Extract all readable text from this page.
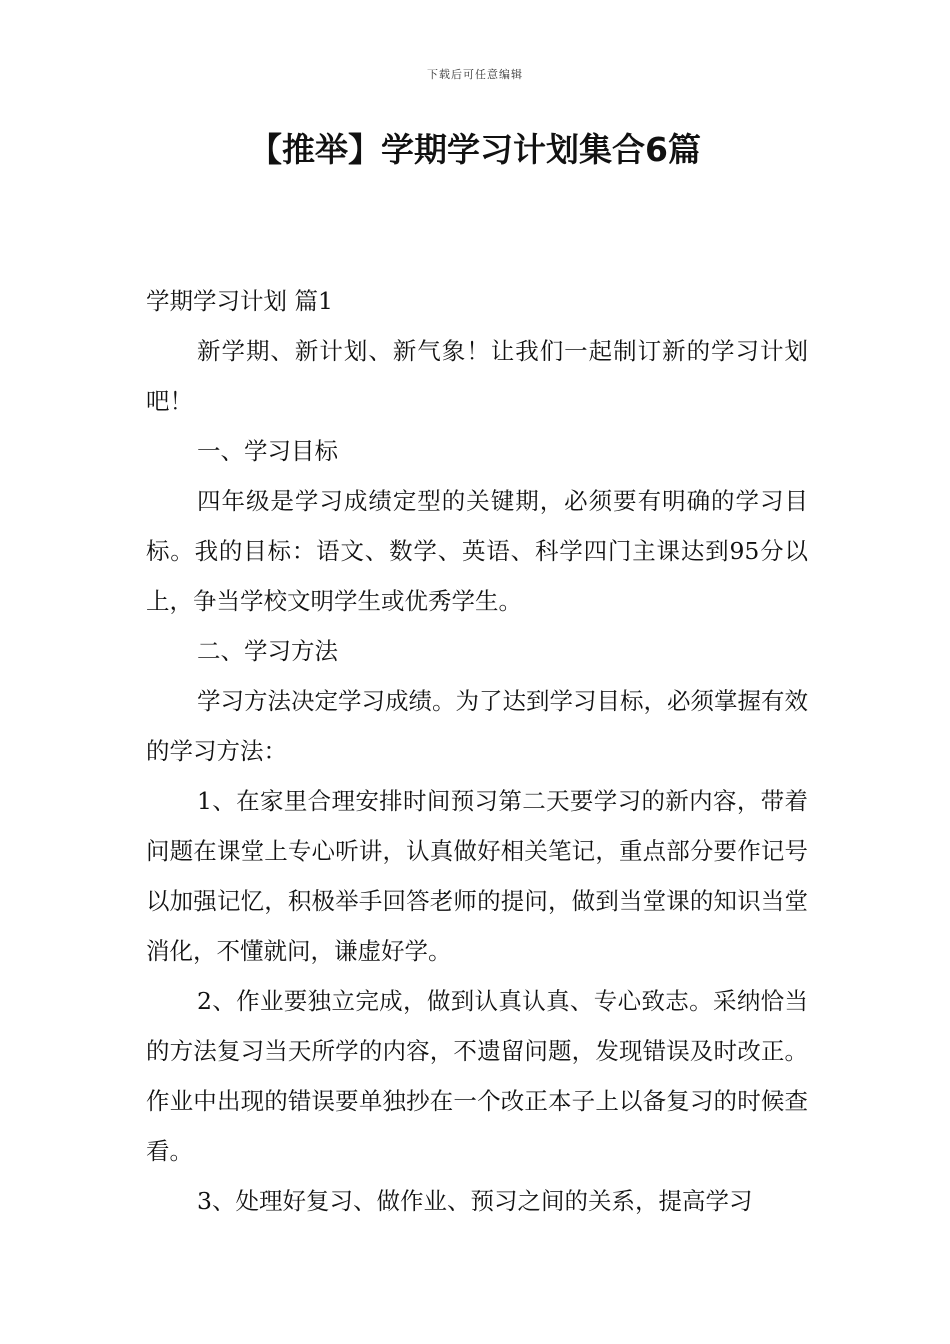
下载后可任意编辑
【推举】学期学习计划集合6篇

学期学习计划 篇1

新学期、新计划、新气象！让我们一起制订新的学习计划吧！

一、学习目标

四年级是学习成绩定型的关键期，必须要有明确的学习目标。我的目标：语文、数学、英语、科学四门主课达到95分以上，争当学校文明学生或优秀学生。

二、学习方法

学习方法决定学习成绩。为了达到学习目标，必须掌握有效的学习方法：

1、在家里合理安排时间预习第二天要学习的新内容，带着问题在课堂上专心听讲，认真做好相关笔记，重点部分要作记号以加强记忆，积极举手回答老师的提问，做到当堂课的知识当堂消化，不懂就问，谦虚好学。

2、作业要独立完成，做到认真认真、专心致志。采纳恰当的方法复习当天所学的内容，不遗留问题，发现错误及时改正。作业中出现的错误要单独抄在一个改正本子上以备复习的时候查看。

3、处理好复习、做作业、预习之间的关系，提高学习
